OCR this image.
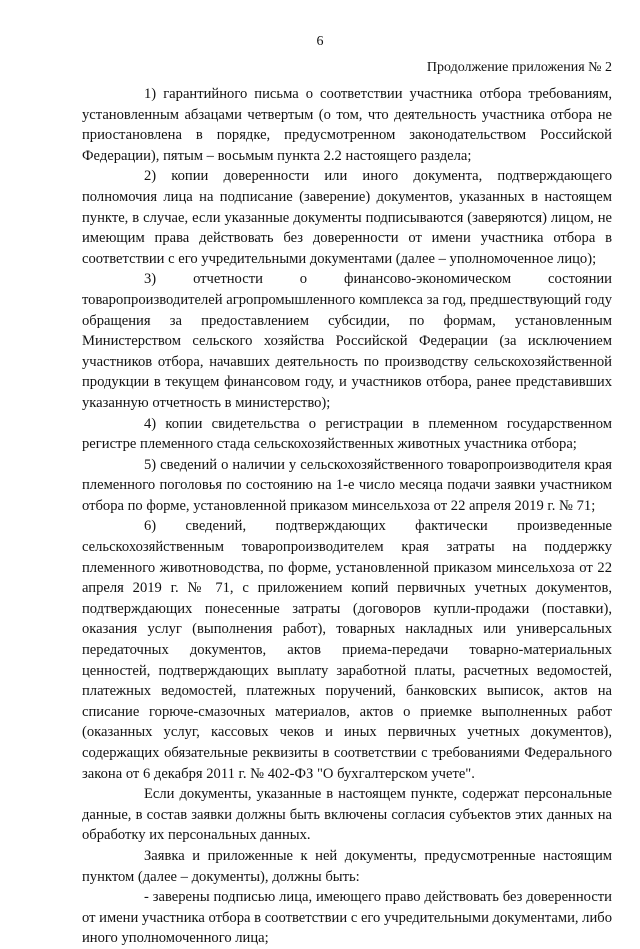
6
Продолжение приложения № 2

1) гарантийного письма о соответствии участника отбора требованиям, установленным абзацами четвертым (о том, что деятельность участника отбора не приостановлена в порядке, предусмотренном законодательством Российской Федерации), пятым – восьмым пункта 2.2 настоящего раздела;

2) копии доверенности или иного документа, подтверждающего полномочия лица на подписание (заверение) документов, указанных в настоящем пункте, в случае, если указанные документы подписываются (заверяются) лицом, не имеющим права действовать без доверенности от имени участника отбора в соответствии с его учредительными документами (далее – уполномоченное лицо);

3) отчетности о финансово-экономическом состоянии товаропроизводителей агропромышленного комплекса за год, предшествующий году обращения за предоставлением субсидии, по формам, установленным Министерством сельского хозяйства Российской Федерации (за исключением участников отбора, начавших деятельность по производству сельскохозяйственной продукции в текущем финансовом году, и участников отбора, ранее представивших указанную отчетность в министерство);

4) копии свидетельства о регистрации в племенном государственном регистре племенного стада сельскохозяйственных животных участника отбора;

5) сведений о наличии у сельскохозяйственного товаропроизводителя края племенного поголовья по состоянию на 1-е число месяца подачи заявки участником отбора по форме, установленной приказом минсельхоза от 22 апреля 2019 г. № 71;

6) сведений, подтверждающих фактически произведенные сельскохозяйственным товаропроизводителем края затраты на поддержку племенного животноводства, по форме, установленной приказом минсельхоза от 22 апреля 2019 г. № 71, с приложением копий первичных учетных документов, подтверждающих понесенные затраты (договоров купли-продажи (поставки), оказания услуг (выполнения работ), товарных накладных или универсальных передаточных документов, актов приема-передачи товарно-материальных ценностей, подтверждающих выплату заработной платы, расчетных ведомостей, платежных ведомостей, платежных поручений, банковских выписок, актов на списание горюче-смазочных материалов, актов о приемке выполненных работ (оказанных услуг, кассовых чеков и иных первичных учетных документов), содержащих обязательные реквизиты в соответствии с требованиями Федерального закона от 6 декабря 2011 г. № 402-ФЗ "О бухгалтерском учете".

Если документы, указанные в настоящем пункте, содержат персональные данные, в состав заявки должны быть включены согласия субъектов этих данных на обработку их персональных данных.

Заявка и приложенные к ней документы, предусмотренные настоящим пунктом (далее – документы), должны быть:

- заверены подписью лица, имеющего право действовать без доверенности от имени участника отбора в соответствии с его учредительными документами, либо иного уполномоченного лица;
